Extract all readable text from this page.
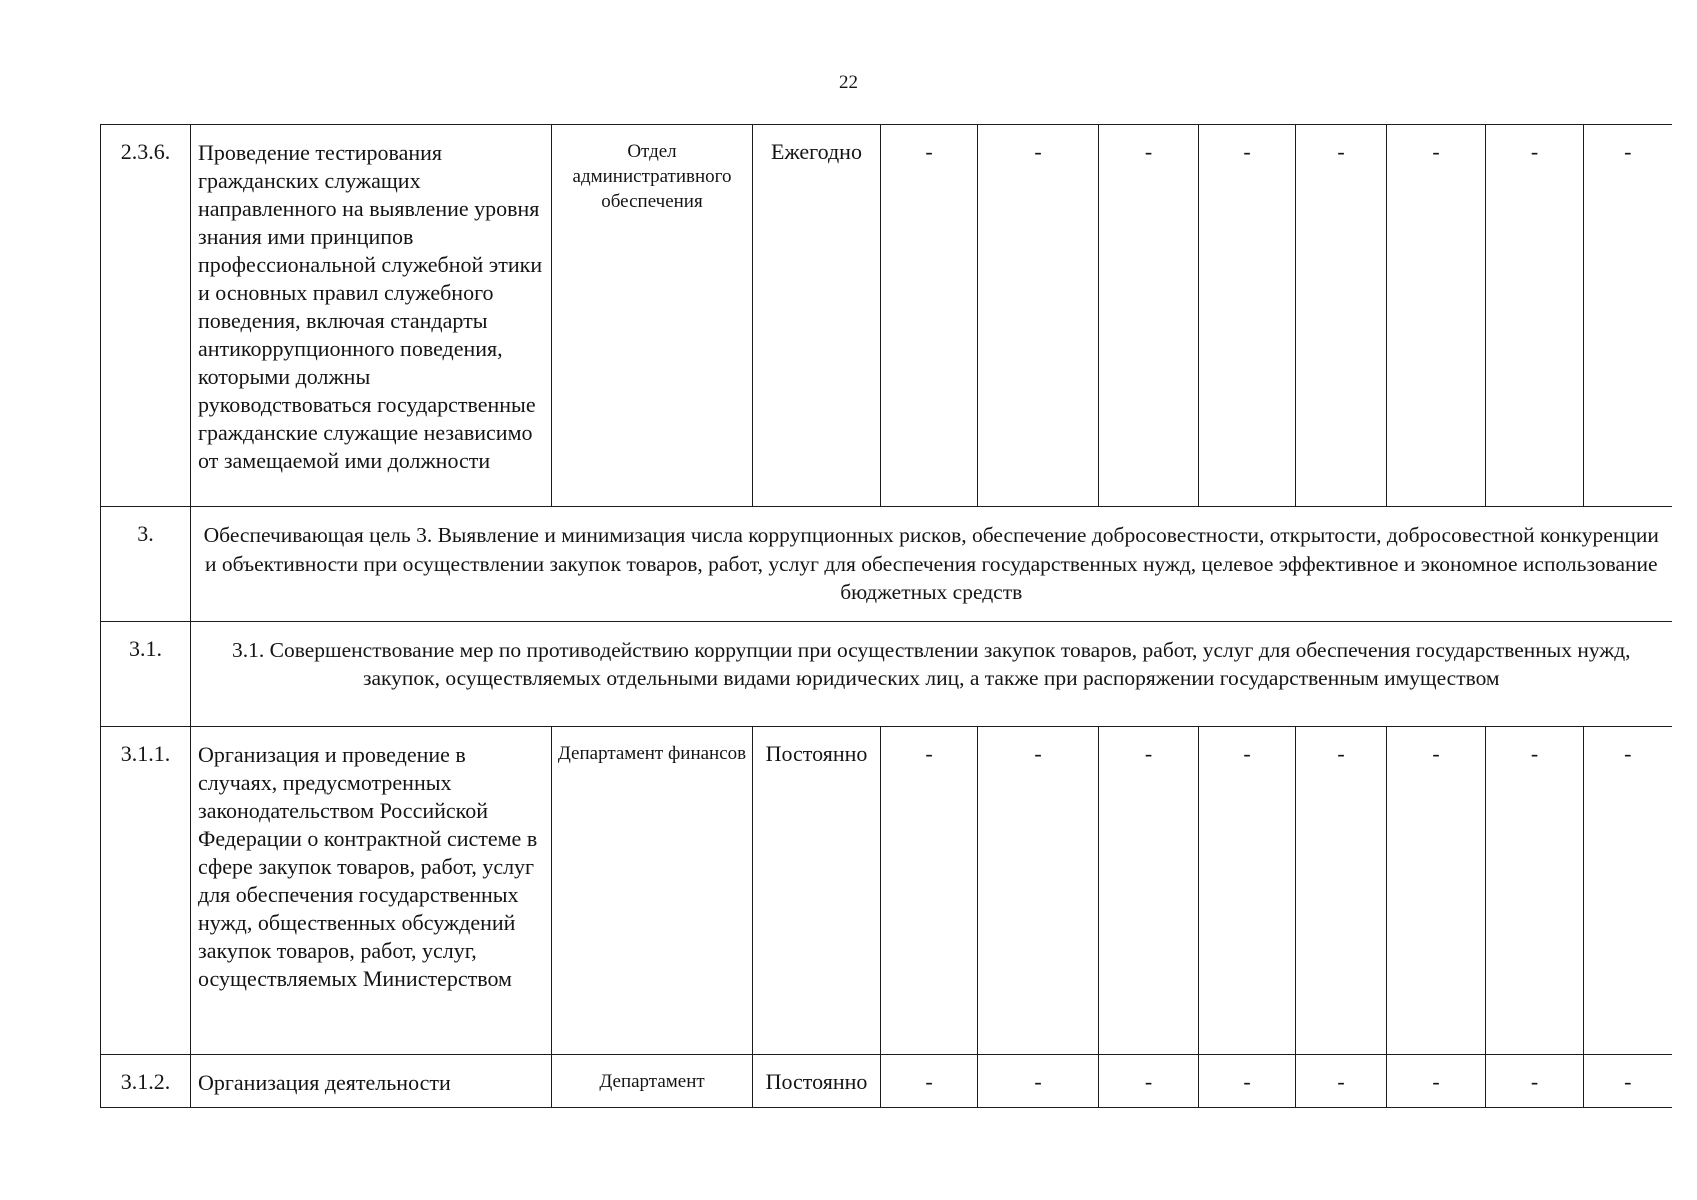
22
2.3.6.	Проведение тестирования гражданских служащих направленного на выявление уровня знания ими принципов профессиональной служебной этики и основных правил служебного поведения, включая стандарты антикоррупционного поведения, которыми должны руководствоваться государственные гражданские служащие независимо от замещаемой ими должности	Отдел административного обеспечения	Ежегодно	-	-	-	-	-	-	-	-
3.	Обеспечивающая цель 3. Выявление и минимизация числа коррупционных рисков, обеспечение добросовестности, открытости, добросовестной конкуренции и объективности при осуществлении закупок товаров, работ, услуг для обеспечения государственных нужд, целевое эффективное и экономное использование бюджетных средств										
3.1.	3.1. Совершенствование мер по противодействию коррупции при осуществлении закупок товаров, работ, услуг для обеспечения государственных нужд, закупок, осуществляемых отдельными видами юридических лиц, а также при распоряжении государственным имуществом										
3.1.1.	Организация и проведение в случаях, предусмотренных законодательством Российской Федерации о контрактной системе в сфере закупок товаров, работ, услуг для обеспечения государственных нужд, общественных обсуждений закупок товаров, работ, услуг, осуществляемых Министерством	Департамент финансов	Постоянно	-	-	-	-	-	-	-	-
3.1.2.	Организация деятельности	Департамент	Постоянно	-	-	-	-	-	-	-	-
